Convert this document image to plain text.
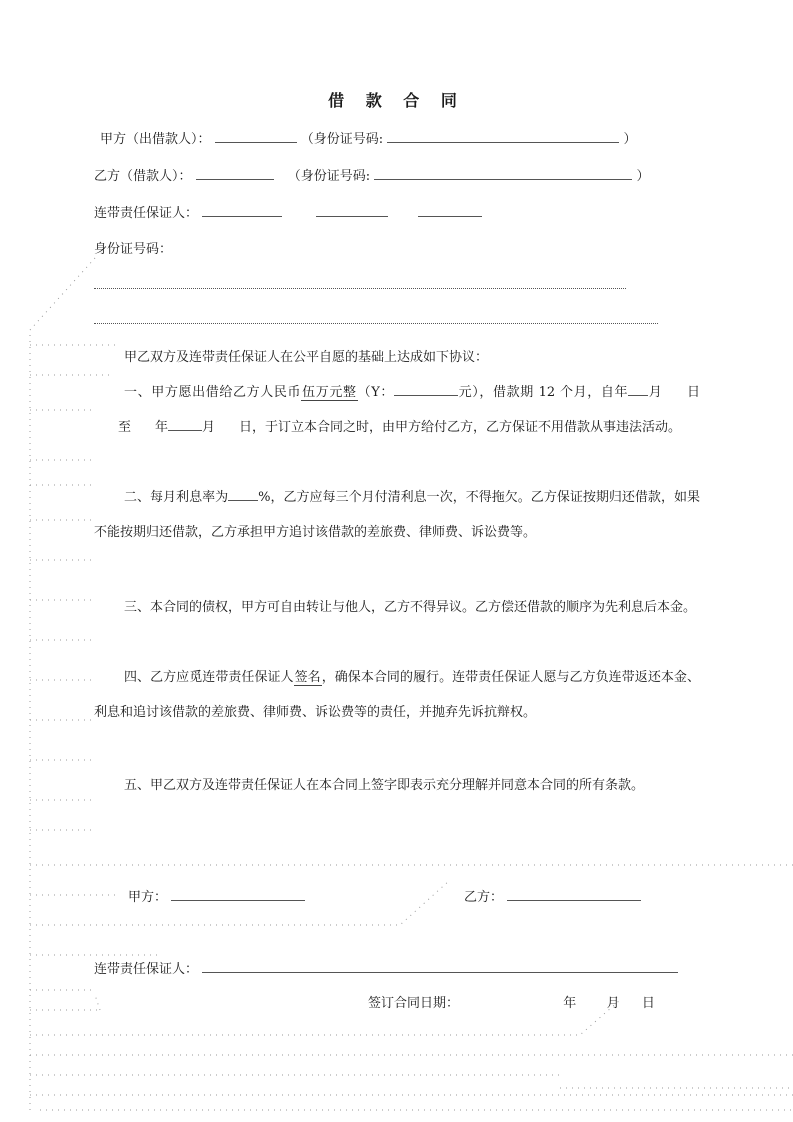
借 款 合 同
甲方（出借款人）：	（身份证号码:	）
乙方（借款人）：	（身份证号码:	）
连带责任保证人：
身份证号码：
甲乙双方及连带责任保证人在公平自愿的基础上达成如下协议：
一、甲方愿出借给乙方人民币伍万元整（Y：	元），借款期 12 个月，自年 月 日至 年	月 日，于订立本合同之时，由甲方给付乙方，乙方保证不用借款从事违法活动。
二、每月利息率为 %，乙方应每三个月付清利息一次，不得拖欠。乙方保证按期归还借款，如果不能按期归还借款，乙方承担甲方追讨该借款的差旅费、律师费、诉讼费等。
三、本合同的债权，甲方可自由转让与他人，乙方不得异议。乙方偿还借款的顺序为先利息后本金。
四、乙方应觅连带责任保证人签名，确保本合同的履行。连带责任保证人愿与乙方负连带返还本金、利息和追讨该借款的差旅费、律师费、诉讼费等的责任，并抛弃先诉抗辩权。
五、甲乙双方及连带责任保证人在本合同上签字即表示充分理解并同意本合同的所有条款。
甲方：	乙方：
连带责任保证人：
签订合同日期：	年 月 日
